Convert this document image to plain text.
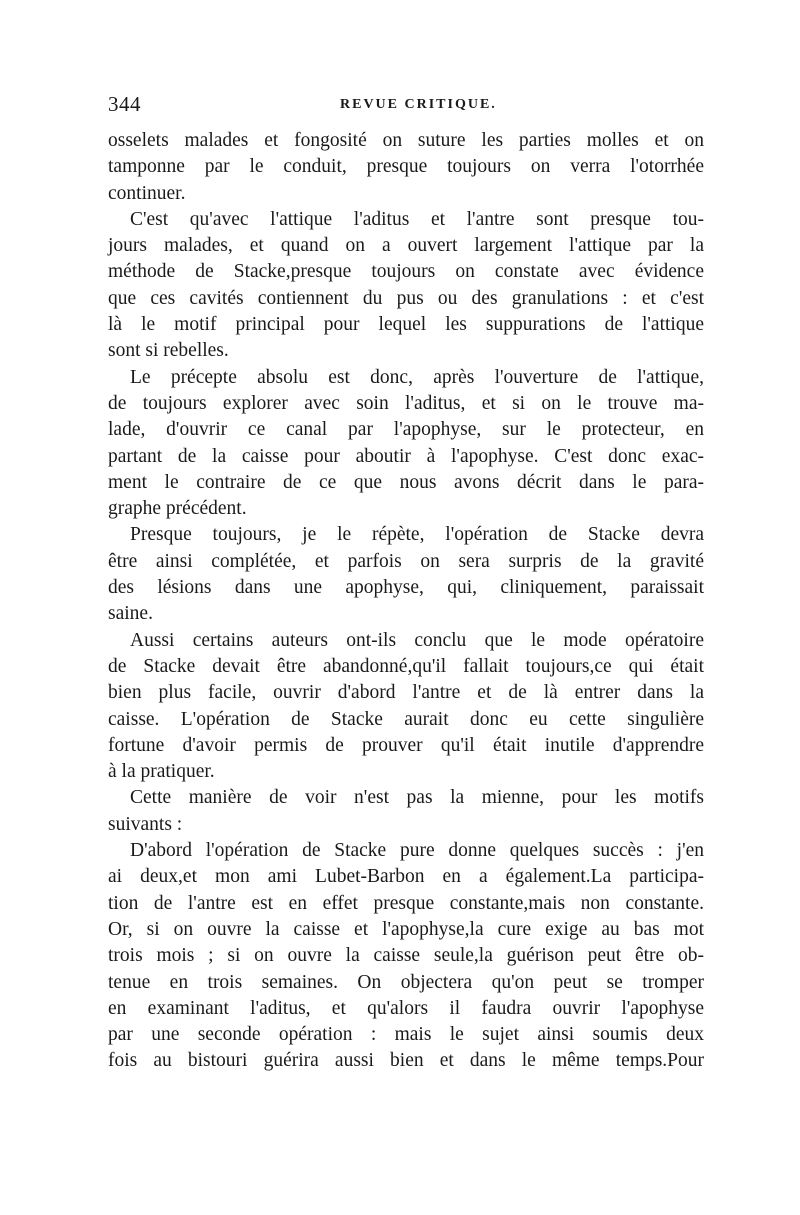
344	REVUE CRITIQUE.
osselets malades et fongosité on suture les parties molles et on
tamponne par le conduit, presque toujours on verra l'otorrhée
continuer.
C'est qu'avec l'attique l'aditus et l'antre sont presque tou-
jours malades, et quand on a ouvert largement l'attique par la
méthode de Stacke,presque toujours on constate avec évidence
que ces cavités contiennent du pus ou des granulations : et c'est
là le motif principal pour lequel les suppurations de l'attique
sont si rebelles.
Le précepte absolu est donc, après l'ouverture de l'attique,
de toujours explorer avec soin l'aditus, et si on le trouve ma-
lade, d'ouvrir ce canal par l'apophyse, sur le protecteur, en
partant de la caisse pour aboutir à l'apophyse. C'est donc exac-
ment le contraire de ce que nous avons décrit dans le para-
graphe précédent.
Presque toujours, je le répète, l'opération de Stacke devra
être ainsi complétée, et parfois on sera surpris de la gravité
des lésions dans une apophyse, qui, cliniquement, paraissait
saine.
Aussi certains auteurs ont-ils conclu que le mode opératoire
de Stacke devait être abandonné,qu'il fallait toujours,ce qui était
bien plus facile, ouvrir d'abord l'antre et de là entrer dans la
caisse. L'opération de Stacke aurait donc eu cette singulière
fortune d'avoir permis de prouver qu'il était inutile d'apprendre
à la pratiquer.
Cette manière de voir n'est pas la mienne, pour les motifs
suivants :
D'abord l'opération de Stacke pure donne quelques succès : j'en
ai deux,et mon ami Lubet-Barbon en a également.La participa-
tion de l'antre est en effet presque constante,mais non constante.
Or, si on ouvre la caisse et l'apophyse,la cure exige au bas mot
trois mois ; si on ouvre la caisse seule,la guérison peut être ob-
tenue en trois semaines. On objectera qu'on peut se tromper
en examinant l'aditus, et qu'alors il faudra ouvrir l'apophyse
par une seconde opération : mais le sujet ainsi soumis deux
fois au bistouri guérira aussi bien et dans le même temps.Pour
